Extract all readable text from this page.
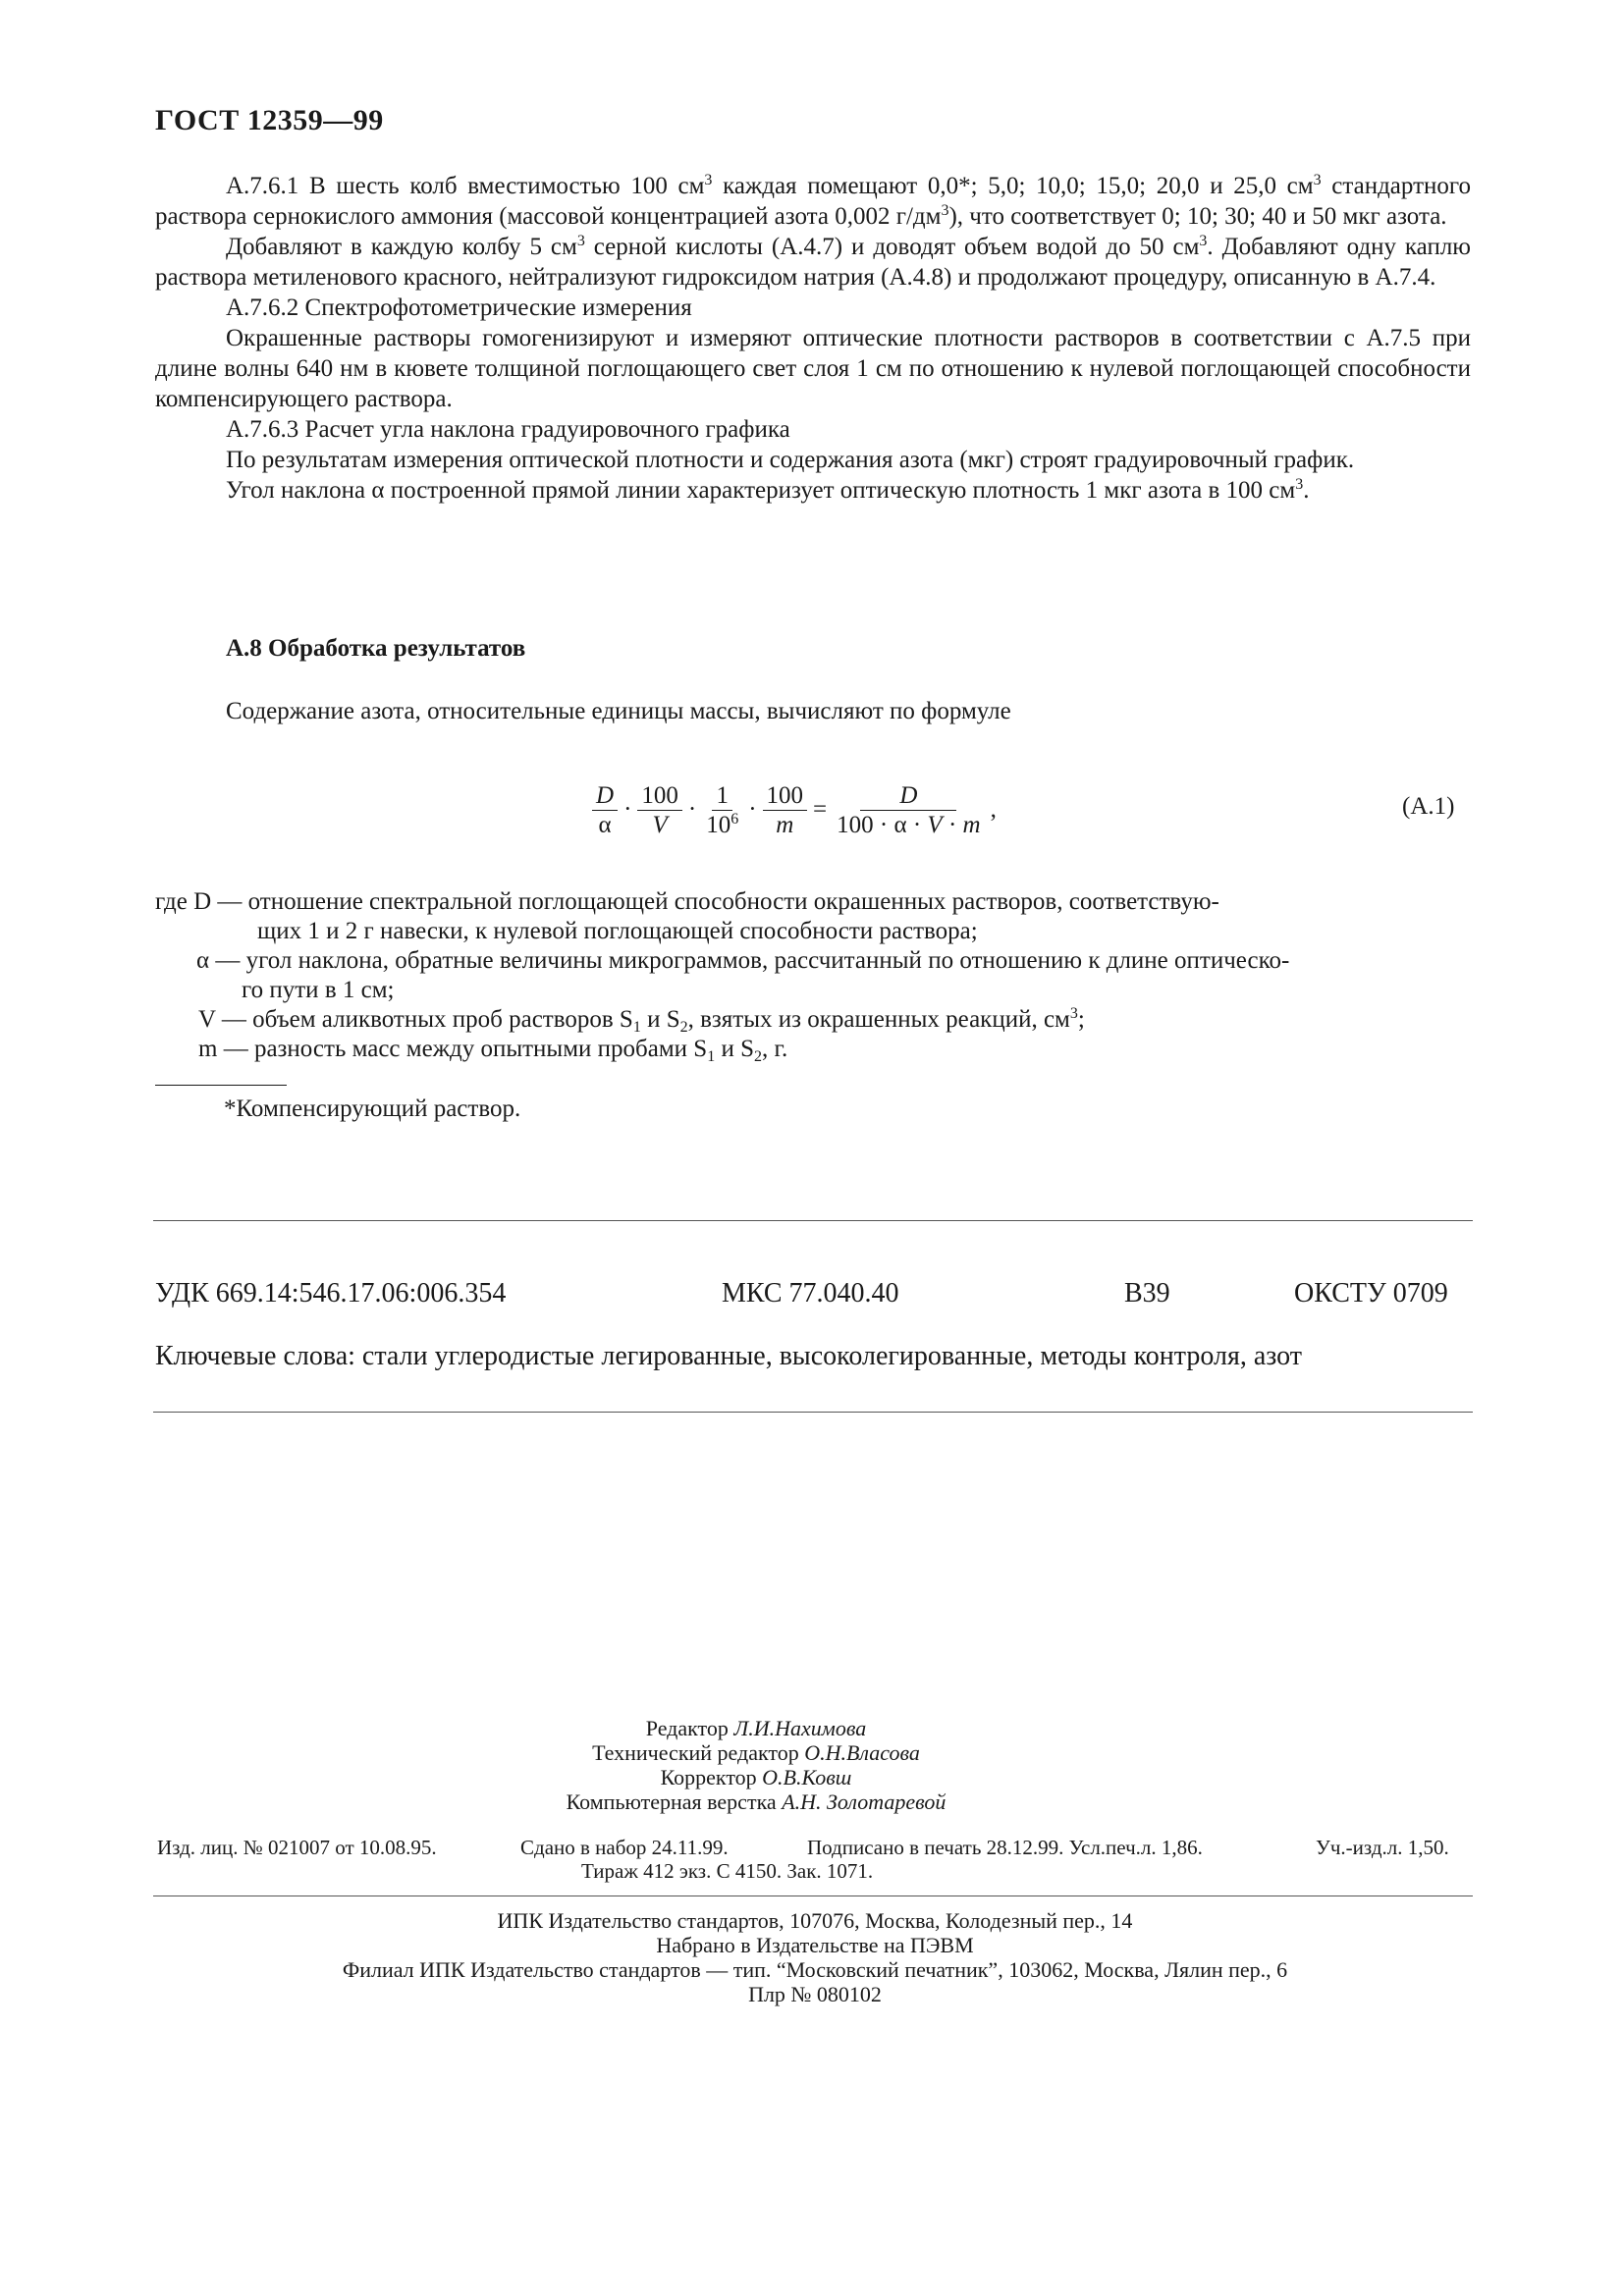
ГОСТ 12359—99

А.7.6.1 В шесть колб вместимостью 100 $см^3$ каждая помещают 0,0*; 5,0; 10,0; 15,0; 20,0 и 25,0 $см^3$ стандартного раствора сернокислого аммония (массовой концентрацией азота 0,002 $г/дм^3$), что соответствует 0; 10; 30; 40 и 50 мкг азота.

Добавляют в каждую колбу 5 $см^3$ серной кислоты (А.4.7) и доводят объем водой до 50 $см^3$. Добавляют одну каплю раствора метиленового красного, нейтрализуют гидроксидом натрия (А.4.8) и продолжают процедуру, описанную в А.7.4.

А.7.6.2 Спектрофотометрические измерения

Окрашенные растворы гомогенизируют и измеряют оптические плотности растворов в соответствии с А.7.5 при длине волны 640 нм в кювете толщиной поглощающего свет слоя 1 см по отношению к нулевой поглощающей способности компенсирующего раствора.

А.7.6.3 Расчет угла наклона градуировочного графика

По результатам измерения оптической плотности и содержания азота (мкг) строят градуировочный график.

Угол наклона α построенной прямой линии характеризует оптическую плотность 1 мкг азота в 100 $см^3$.

А.8 Обработка результатов
Содержание азота, относительные единицы массы, вычисляют по формуле
$\frac{D}{\alpha} \cdot \frac{100}{V} \cdot \frac{1}{10^6} \cdot \frac{100}{m} = \frac{D}{100 \cdot \alpha \cdot V \cdot m}$ ,	(А.1)
где D — отношение спектральной поглощающей способности окрашенных растворов, соответствую-
щих 1 и 2 г навески, к нулевой поглощающей способности раствора;
α — угол наклона, обратные величины микрограммов, рассчитанный по отношению к длине оптическо-
го пути в 1 см;
V — объем аликвотных проб растворов $S_1$ и $S_2$, взятых из окрашенных реакций, $см^3$;
m — разность масс между опытными пробами $S_1$ и $S_2$, г.
*Компенсирующий раствор.
УДК 669.14:546.17.06:006.354	МКС 77.040.40	В39	ОКСТУ 0709
Ключевые слова: стали углеродистые легированные, высоколегированные, методы контроля, азот
Редактор Л.И.Нахимова
Технический редактор О.Н.Власова
Корректор О.В.Ковш
Компьютерная верстка А.Н. Золотаревой
Изд. лиц. № 021007 от 10.08.95.	Сдано в набор 24.11.99.	Подписано в печать 28.12.99. Усл.печ.л. 1,86.	Уч.-изд.л. 1,50.
Тираж 412 экз. С 4150. Зак. 1071.
ИПК Издательство стандартов, 107076, Москва, Колодезный пер., 14
Набрано в Издательстве на ПЭВМ
Филиал ИПК Издательство стандартов — тип. “Московский печатник”, 103062, Москва, Лялин пер., 6
Плр № 080102
